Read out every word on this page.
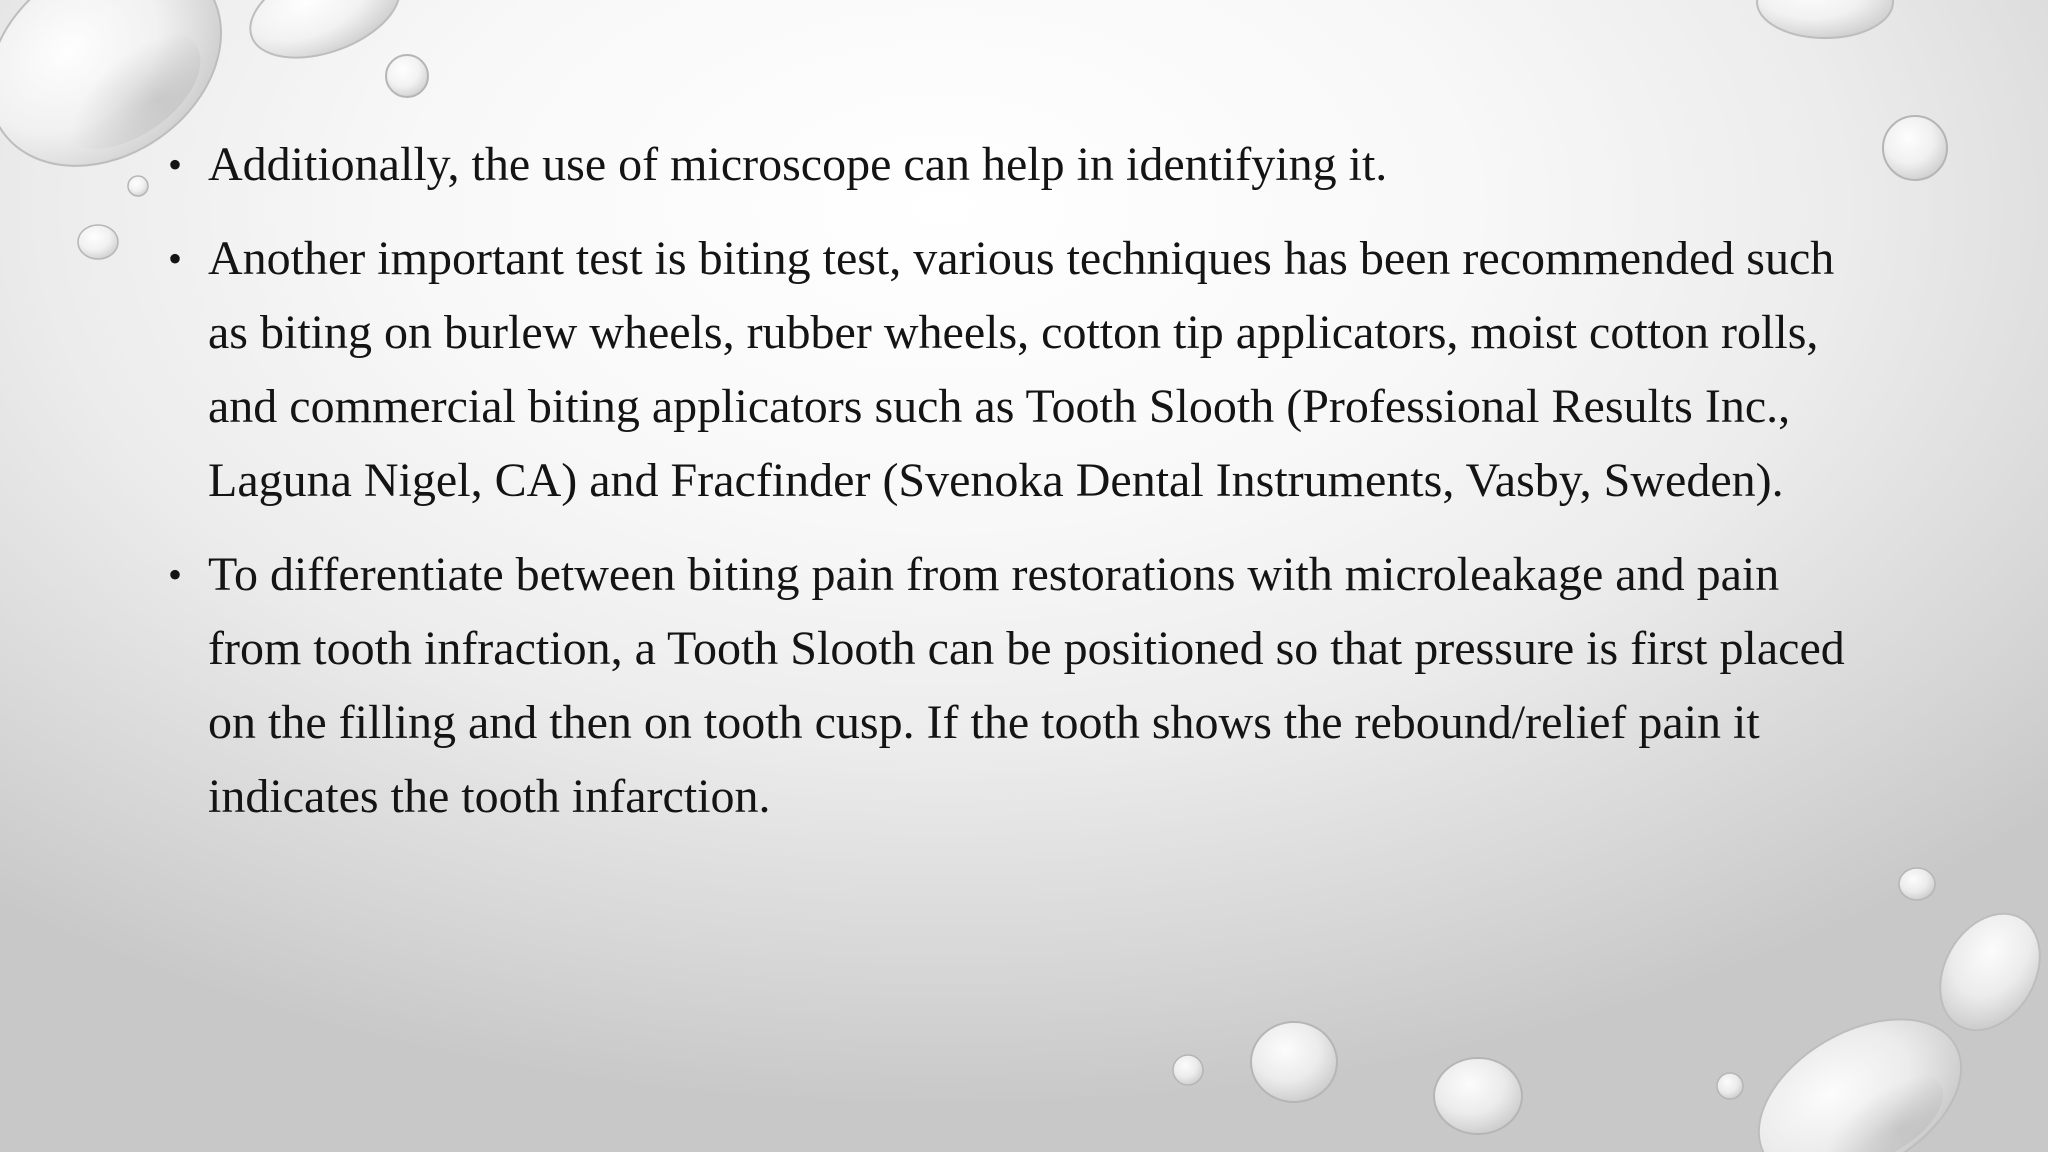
• Additionally, the use of microscope can help in identifying it.
• Another important test is biting test, various techniques has been recommended such as biting on burlew wheels, rubber wheels, cotton tip applicators, moist cotton rolls, and commercial biting applicators such as Tooth Slooth (Professional Results Inc., Laguna Nigel, CA) and Fracfinder (Svenoka Dental Instruments, Vasby, Sweden).
• To differentiate between biting pain from restorations with microleakage and pain from tooth infraction, a Tooth Slooth can be positioned so that pressure is first placed on the filling and then on tooth cusp. If the tooth shows the rebound/relief pain it indicates the tooth infarction.
